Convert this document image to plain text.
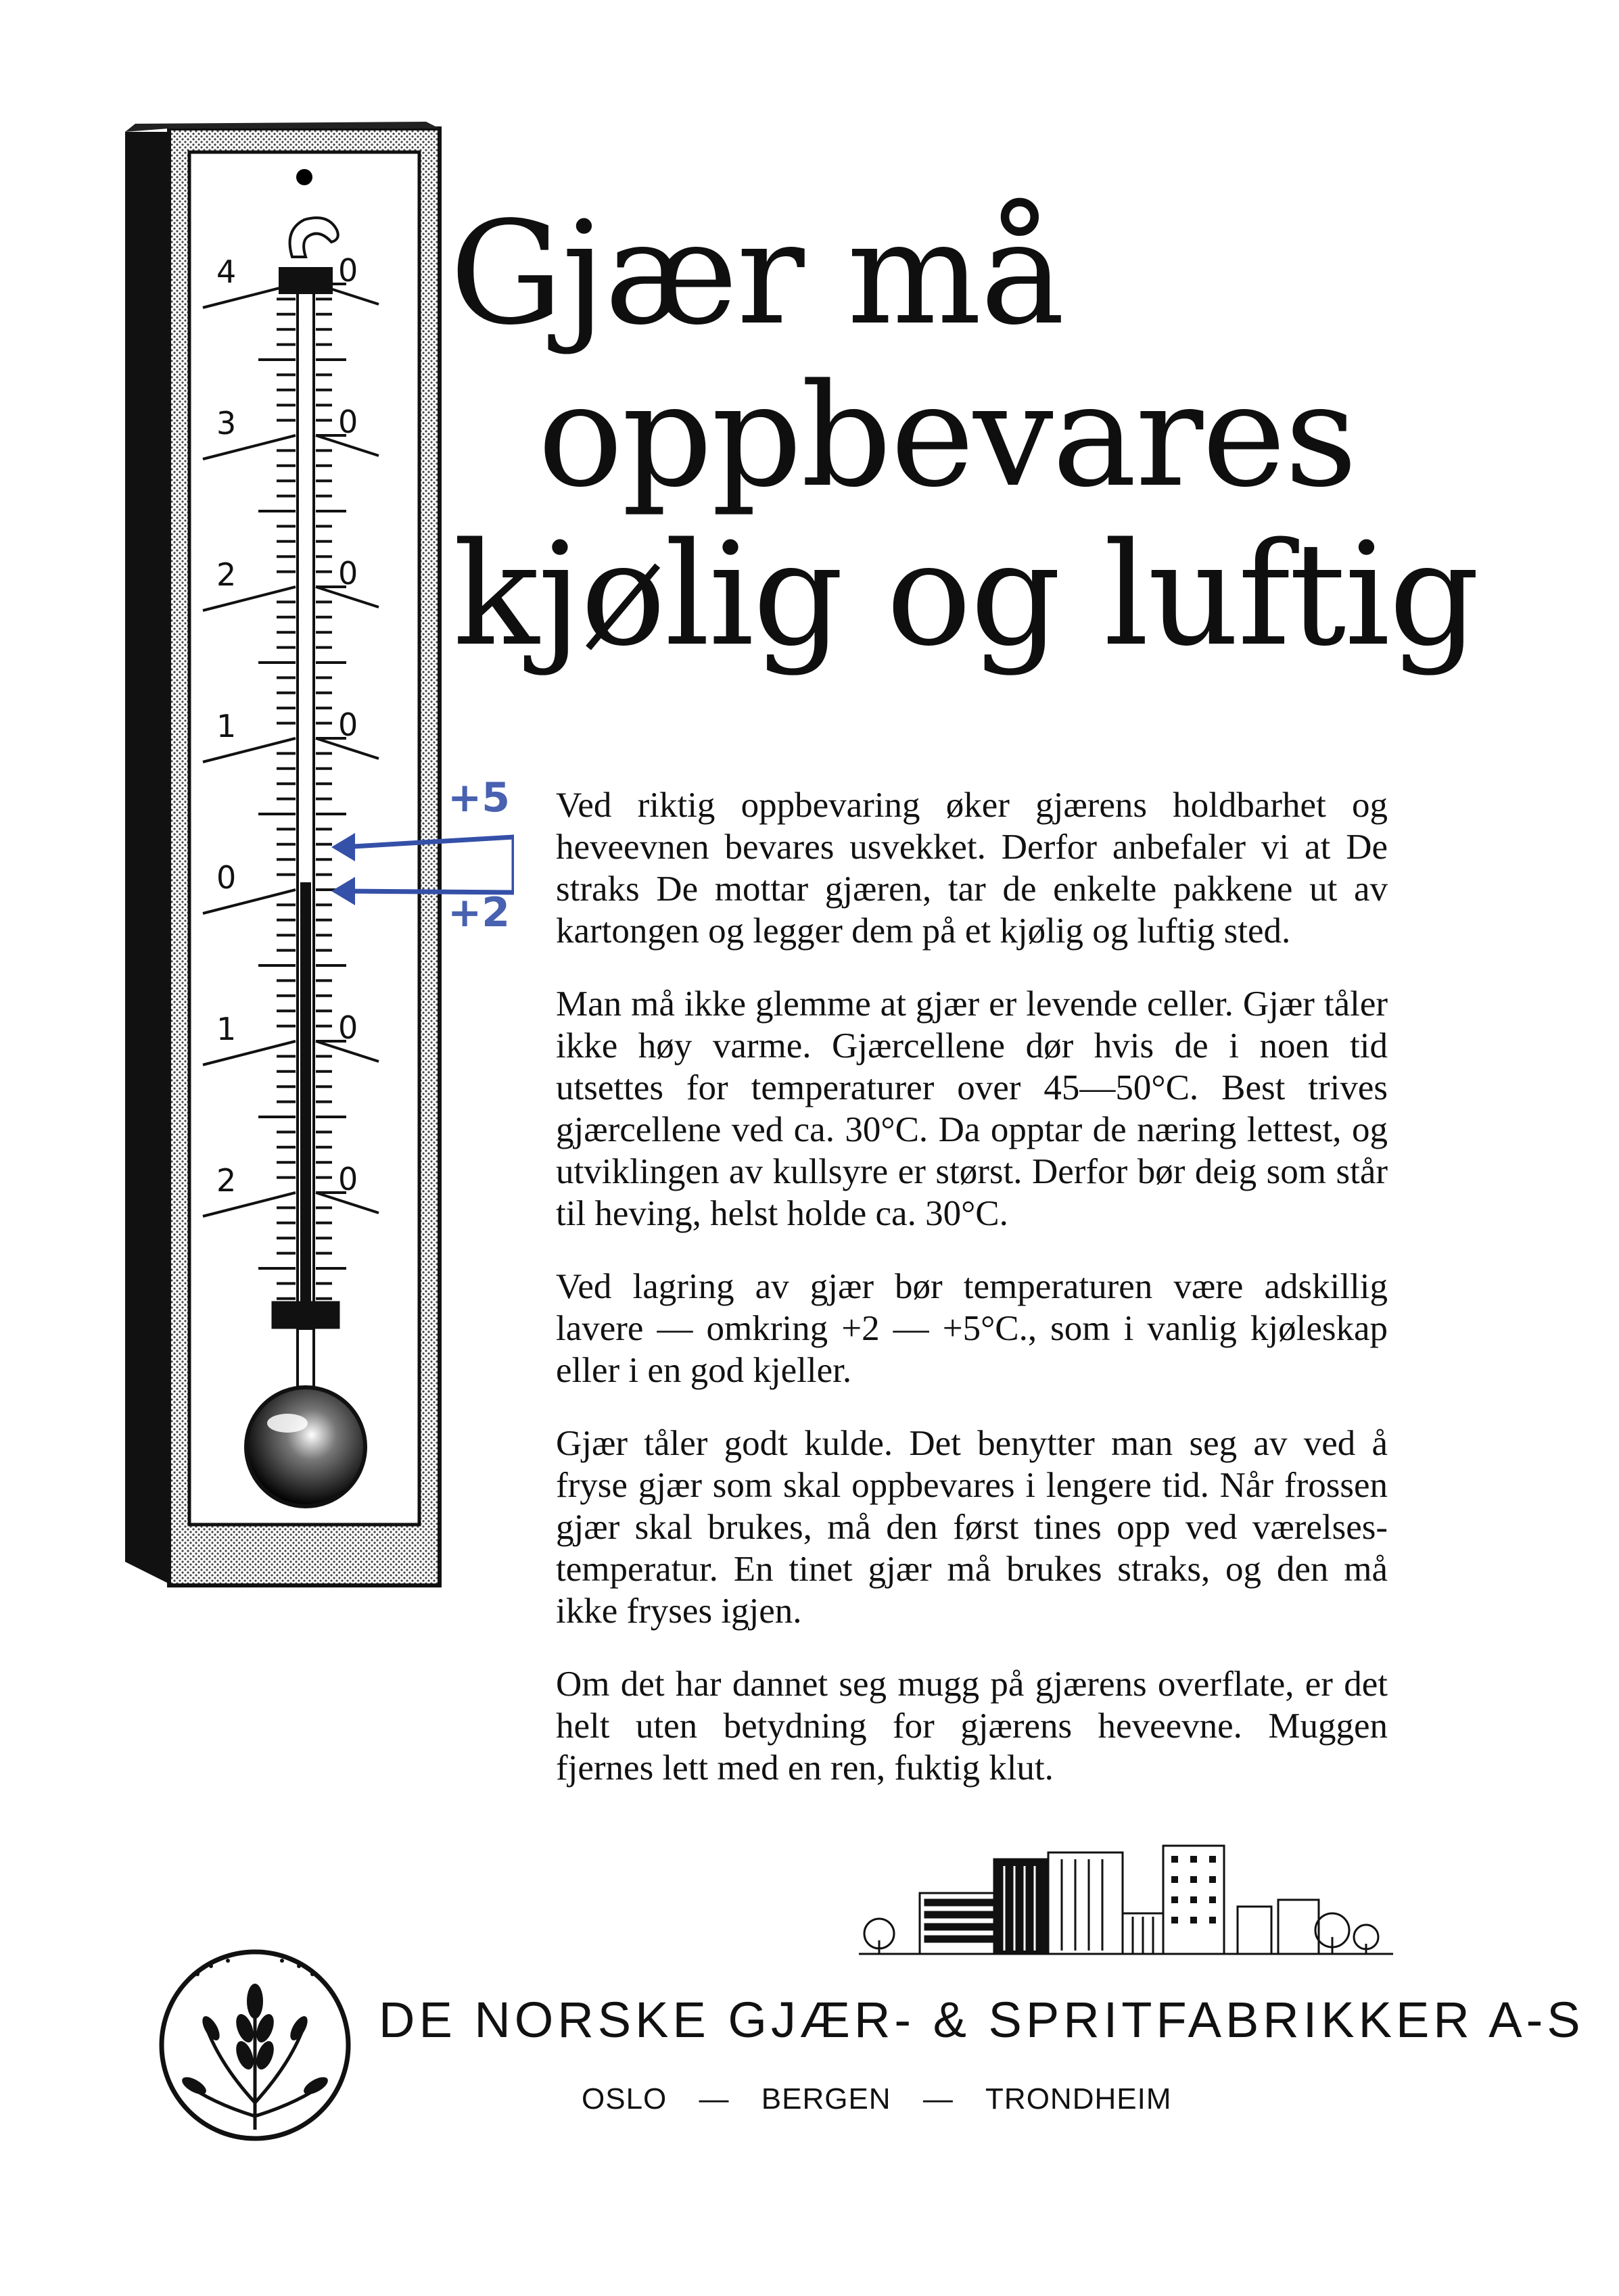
4
3
2
1
0
1
2
0
0
0
0
0
0
+5
+2
Gjær må
oppbevares
kjølig og luftig

Ved riktig oppbevaring øker gjærens holdbarhet og heveevnen bevares usvekket. Derfor anbefaler vi at De straks De mottar gjæren, tar de enkelte pakkene ut av kartongen og legger dem på et kjølig og luftig sted.

Man må ikke glemme at gjær er levende celler. Gjær tåler ikke høy varme. Gjærcellene dør hvis de i noen tid utsettes for temperaturer over 45—50°C. Best trives gjærcellene ved ca. 30°C. Da opptar de næring lettest, og utviklingen av kullsyre er størst. Derfor bør deig som står til heving, helst holde ca. 30°C.

Ved lagring av gjær bør temperaturen være adskillig lavere — omkring +2 — +5°C., som i vanlig kjøleskap eller i en god kjeller.

Gjær tåler godt kulde. Det benytter man seg av ved å fryse gjær som skal oppbevares i lengere tid. Når frossen gjær skal brukes, må den først tines opp ved værelses-temperatur. En tinet gjær må brukes straks, og den må ikke fryses igjen.

Om det har dannet seg mugg på gjærens overflate, er det helt uten betydning for gjærens heveevne. Muggen fjernes lett med en ren, fuktig klut.

DE NORSKE GJÆR- & SPRITFABRIKKER A-S
OSLO — BERGEN — TRONDHEIM
